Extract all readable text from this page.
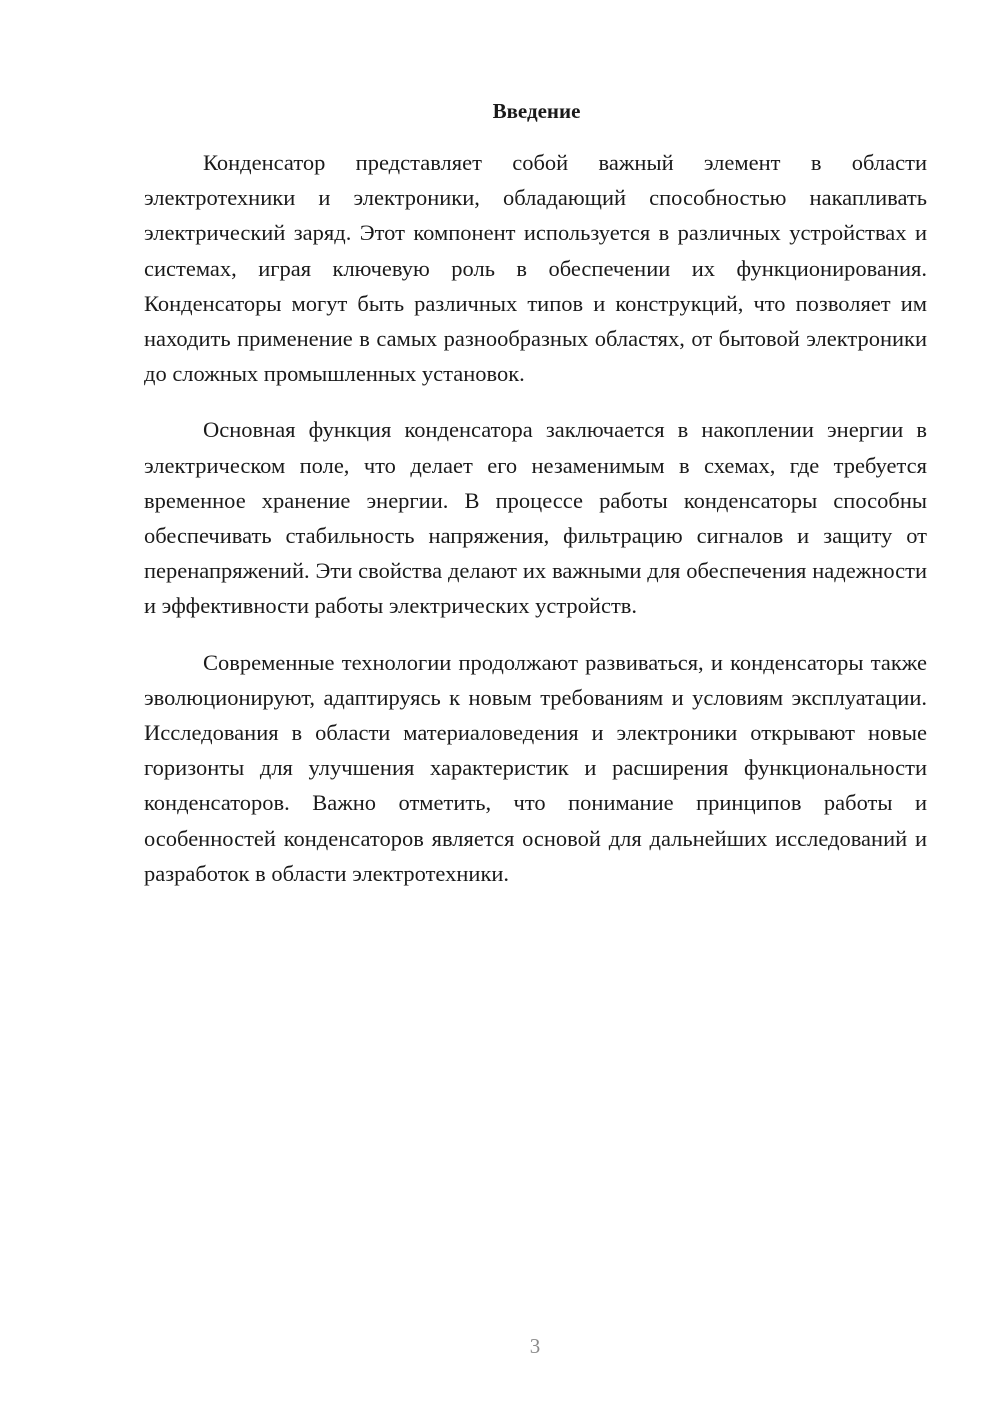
Введение

Конденсатор представляет собой важный элемент в области электротехники и электроники, обладающий способностью накапливать электрический заряд. Этот компонент используется в различных устройствах и системах, играя ключевую роль в обеспечении их функционирования. Конденсаторы могут быть различных типов и конструкций, что позволяет им находить применение в самых разнообразных областях, от бытовой электроники до сложных промышленных установок.

Основная функция конденсатора заключается в накоплении энергии в электрическом поле, что делает его незаменимым в схемах, где требуется временное хранение энергии. В процессе работы конденсаторы способны обеспечивать стабильность напряжения, фильтрацию сигналов и защиту от перенапряжений. Эти свойства делают их важными для обеспечения надежности и эффективности работы электрических устройств.

Современные технологии продолжают развиваться, и конденсаторы также эволюционируют, адаптируясь к новым требованиям и условиям эксплуатации. Исследования в области материаловедения и электроники открывают новые горизонты для улучшения характеристик и расширения функциональности конденсаторов. Важно отметить, что понимание принципов работы и особенностей конденсаторов является основой для дальнейших исследований и разработок в области электротехники.

3
